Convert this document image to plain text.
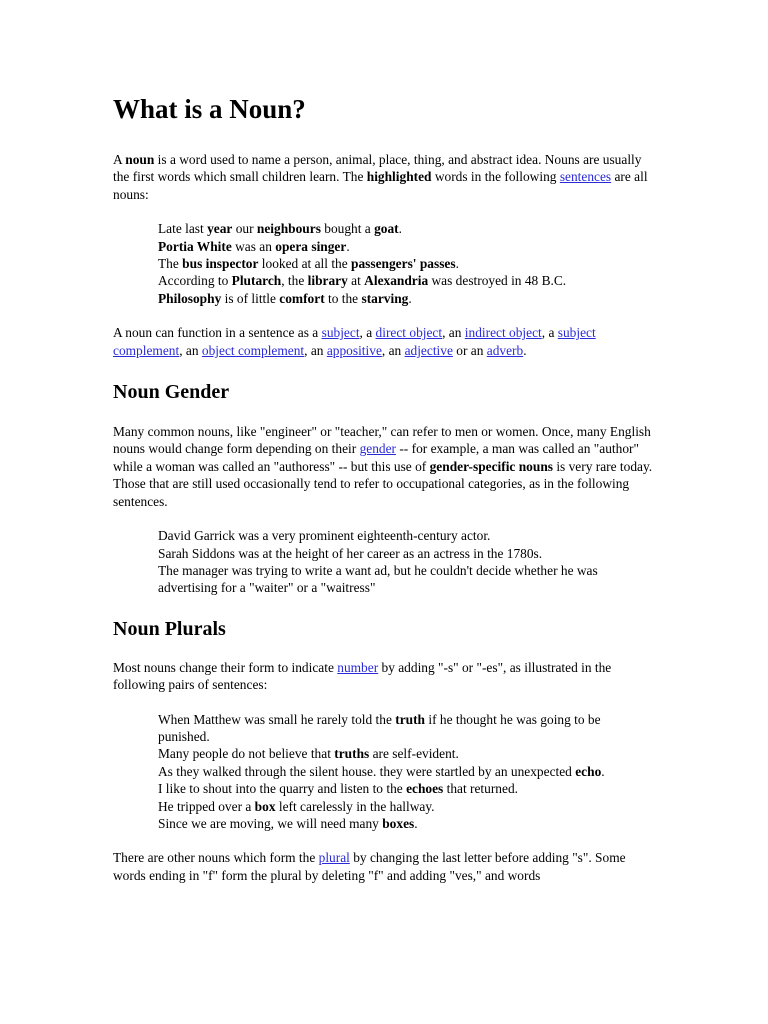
What is a Noun?

A noun is a word used to name a person, animal, place, thing, and abstract idea. Nouns are usually the first words which small children learn. The highlighted words in the following sentences are all nouns:

Late last year our neighbours bought a goat.
Portia White was an opera singer.
The bus inspector looked at all the passengers' passes.
According to Plutarch, the library at Alexandria was destroyed in 48 B.C.
Philosophy is of little comfort to the starving.

A noun can function in a sentence as a subject, a direct object, an indirect object, a subject complement, an object complement, an appositive, an adjective or an adverb.

Noun Gender

Many common nouns, like "engineer" or "teacher," can refer to men or women. Once, many English nouns would change form depending on their gender -- for example, a man was called an "author" while a woman was called an "authoress" -- but this use of gender-specific nouns is very rare today. Those that are still used occasionally tend to refer to occupational categories, as in the following sentences.

David Garrick was a very prominent eighteenth-century actor.
Sarah Siddons was at the height of her career as an actress in the 1780s.
The manager was trying to write a want ad, but he couldn't decide whether he was advertising for a "waiter" or a "waitress"
Noun Plurals

Most nouns change their form to indicate number by adding "-s" or "-es", as illustrated in the following pairs of sentences:

When Matthew was small he rarely told the truth if he thought he was going to be punished.
Many people do not believe that truths are self-evident.
As they walked through the silent house. they were startled by an unexpected echo.
I like to shout into the quarry and listen to the echoes that returned.
He tripped over a box left carelessly in the hallway.
Since we are moving, we will need many boxes.

There are other nouns which form the plural by changing the last letter before adding "s". Some words ending in "f" form the plural by deleting "f" and adding "ves," and words
